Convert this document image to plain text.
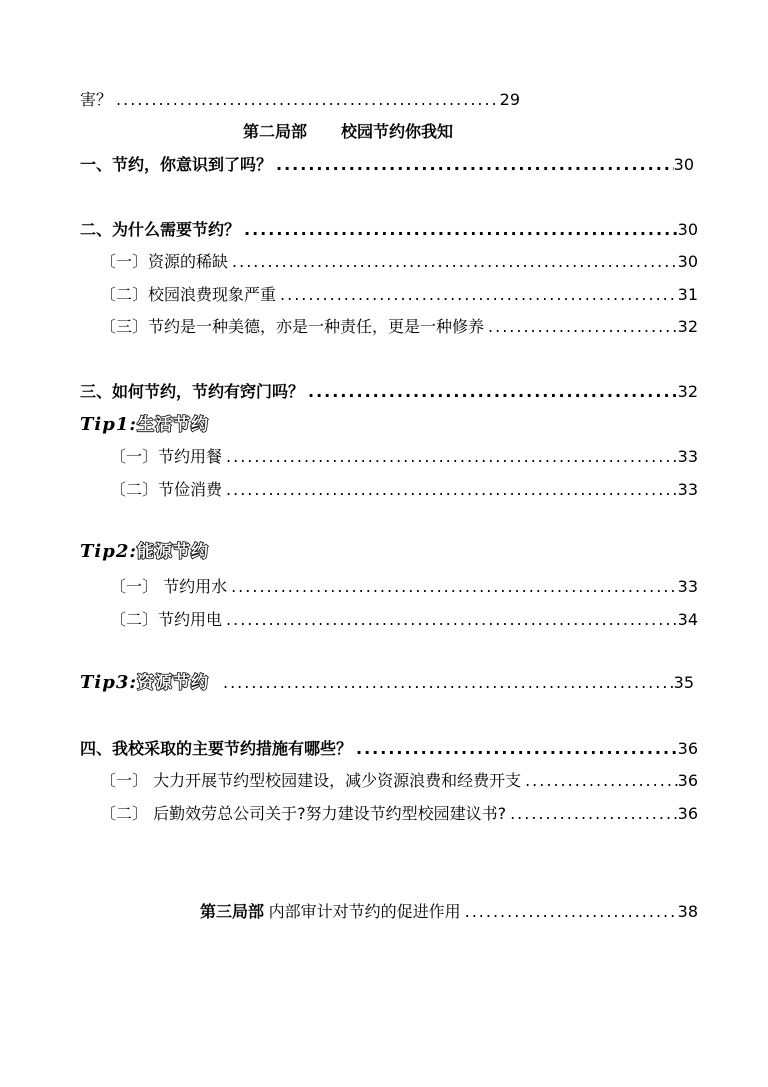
害？ .....	29
第二局部 校园节约你我知
一、节约，你意识到了吗？ .....	30
二、为什么需要节约？ .....	30
〔一〕资源的稀缺 .....	30
〔二〕校园浪费现象严重 .....	31
〔三〕节约是一种美德，亦是一种责任，更是一种修养 .....	32
三、如何节约，节约有窍门吗？ .....	32
Tip1:生活节约
〔一〕节约用餐 .....	33
〔二〕节俭消费 .....	33
Tip2:能源节约
〔一〕 节约用水 .....	33
〔二〕节约用电 .....	34
Tip3:资源节约 .....	35
四、我校采取的主要节约措施有哪些？ .....	36
〔一〕 大力开展节约型校园建设，减少资源浪费和经费开支 .....	36
〔二〕 后勤效劳总公司关于?努力建设节约型校园建议书? .....	36
第三局部 内部审计对节约的促进作用 .....	38
